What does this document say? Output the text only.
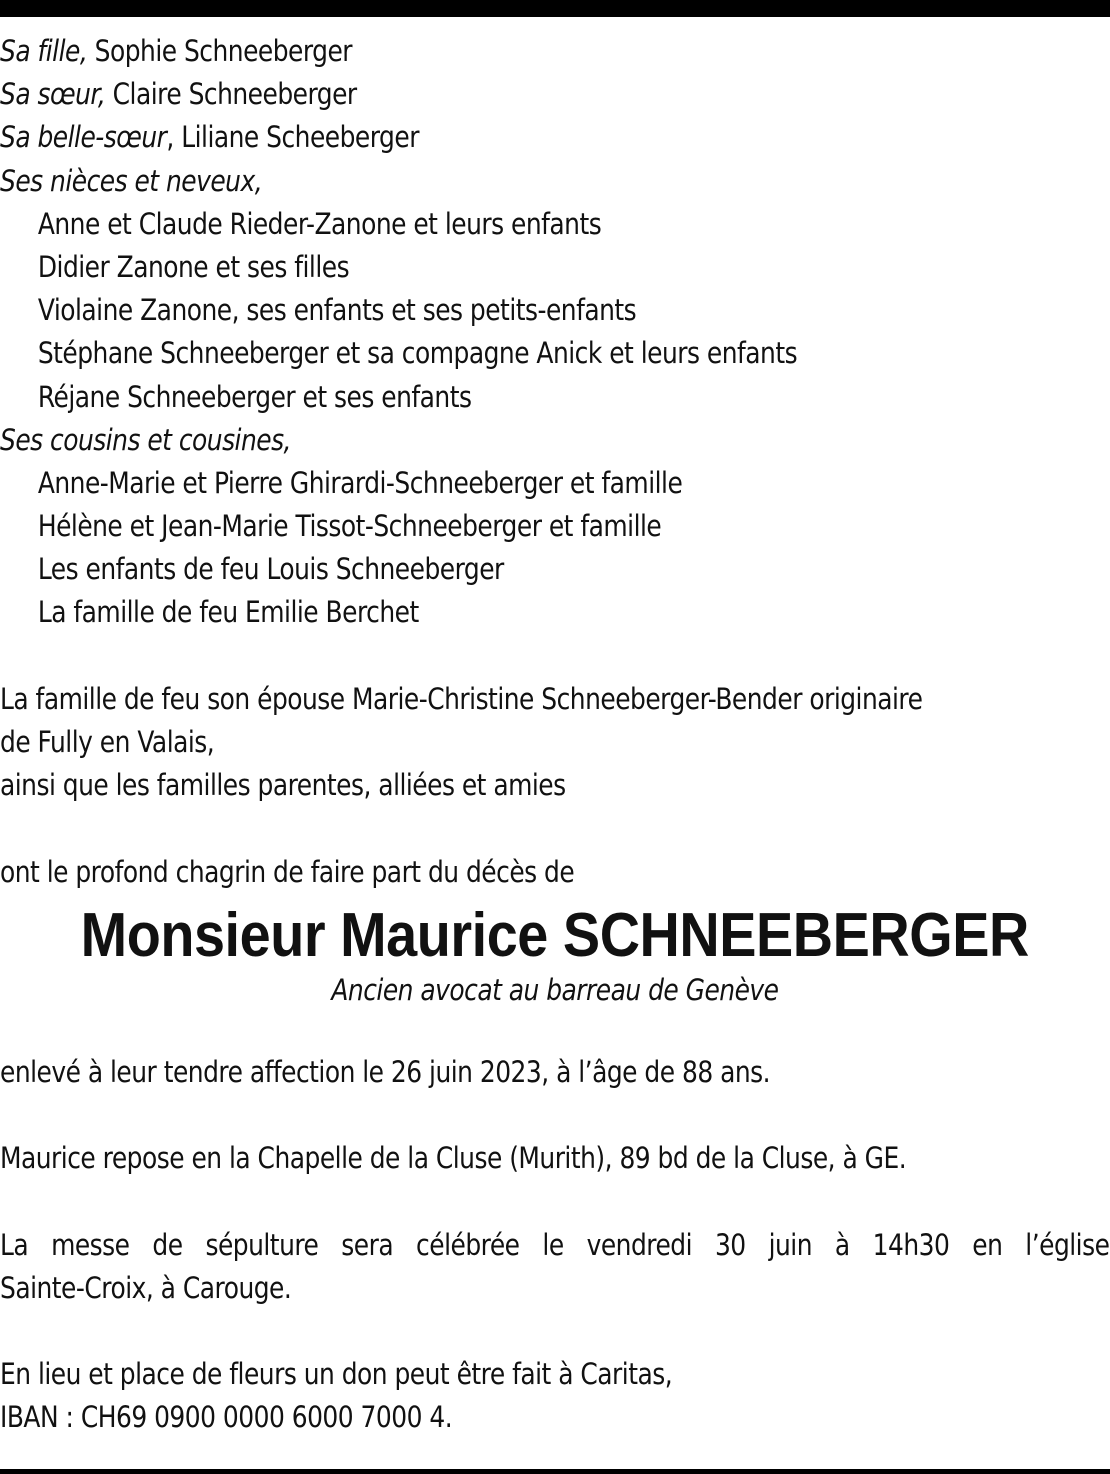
Sa fille, Sophie Schneeberger
Sa sœur, Claire Schneeberger
Sa belle-sœur, Liliane Scheeberger
Ses nièces et neveux,
Anne et Claude Rieder-Zanone et leurs enfants
Didier Zanone et ses filles
Violaine Zanone, ses enfants et ses petits-enfants
Stéphane Schneeberger et sa compagne Anick et leurs enfants
Réjane Schneeberger et ses enfants
Ses cousins et cousines,
Anne-Marie et Pierre Ghirardi-Schneeberger et famille
Hélène et Jean-Marie Tissot-Schneeberger et famille
Les enfants de feu Louis Schneeberger
La famille de feu Emilie Berchet
La famille de feu son épouse Marie-Christine Schneeberger-Bender originaire
de Fully en Valais,
ainsi que les familles parentes, alliées et amies
ont le profond chagrin de faire part du décès de
Monsieur Maurice SCHNEEBERGER
Ancien avocat au barreau de Genève
enlevé à leur tendre affection le 26 juin 2023, à l’âge de 88 ans.
Maurice repose en la Chapelle de la Cluse (Murith), 89 bd de la Cluse, à GE.
La messe de sépulture sera célébrée le vendredi 30 juin à 14h30 en l’église
Sainte-Croix, à Carouge.
En lieu et place de fleurs un don peut être fait à Caritas,
IBAN : CH69 0900 0000 6000 7000 4.
